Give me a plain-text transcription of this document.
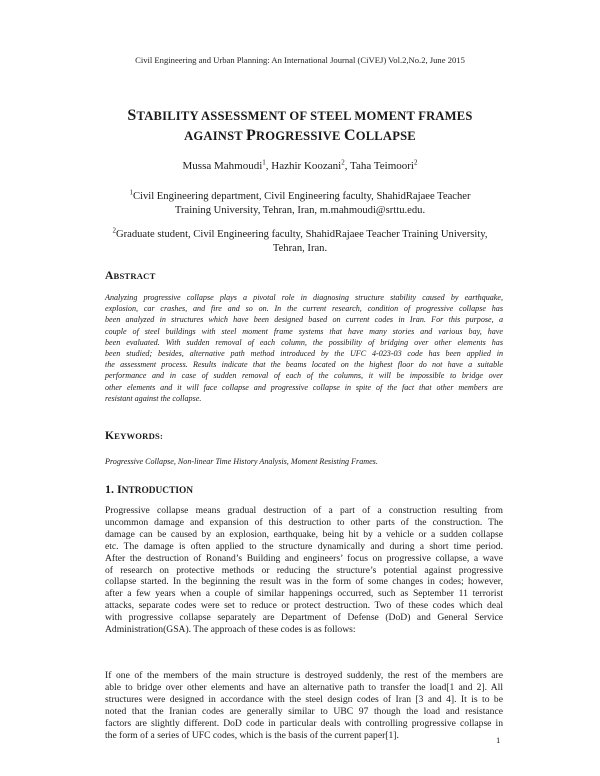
Civil Engineering and Urban Planning: An International Journal (CiVEJ) Vol.2,No.2, June 2015
STABILITY ASSESSMENT OF STEEL MOMENT FRAMES
AGAINST PROGRESSIVE COLLAPSE
Mussa Mahmoudi$^1$, Hazhir Koozani$^2$, Taha Teimoori$^2$
$^1$Civil Engineering department, Civil Engineering faculty, ShahidRajaee Teacher
Training University, Tehran, Iran, m.mahmoudi@srttu.edu.
$^2$Graduate student, Civil Engineering faculty, ShahidRajaee Teacher Training University,
Tehran, Iran.
ABSTRACT
Analyzing progressive collapse plays a pivotal role in diagnosing structure stability caused by earthquake,
explosion, car crashes, and fire and so on. In the current research, condition of progressive collapse has
been analyzed in structures which have been designed based on current codes in Iran. For this purpose, a
couple of steel buildings with steel moment frame systems that have many stories and various bay, have
been evaluated. With sudden removal of each column, the possibility of bridging over other elements has
been studied; besides, alternative path method introduced by the UFC 4-023-03 code has been applied in
the assessment process. Results indicate that the beams located on the highest floor do not have a suitable
performance and in case of sudden removal of each of the columns, it will be impossible to bridge over
other elements and it will face collapse and progressive collapse in spite of the fact that other members are
resistant against the collapse.
KEYWORDS:
Progressive Collapse, Non-linear Time History Analysis, Moment Resisting Frames.
1. INTRODUCTION
Progressive collapse means gradual destruction of a part of a construction resulting from
uncommon damage and expansion of this destruction to other parts of the construction. The
damage can be caused by an explosion, earthquake, being hit by a vehicle or a sudden collapse
etc. The damage is often applied to the structure dynamically and during a short time period.
After the destruction of Ronand’s Building and engineers’ focus on progressive collapse, a wave
of research on protective methods or reducing the structure’s potential against progressive
collapse started. In the beginning the result was in the form of some changes in codes; however,
after a few years when a couple of similar happenings occurred, such as September 11 terrorist
attacks, separate codes were set to reduce or protect destruction. Two of these codes which deal
with progressive collapse separately are Department of Defense (DoD) and General Service
Administration(GSA). The approach of these codes is as follows:
If one of the members of the main structure is destroyed suddenly, the rest of the members are
able to bridge over other elements and have an alternative path to transfer the load[1 and 2]. All
structures were designed in accordance with the steel design codes of Iran [3 and 4]. It is to be
noted that the Iranian codes are generally similar to UBC 97 though the load and resistance
factors are slightly different. DoD code in particular deals with controlling progressive collapse in
the form of a series of UFC codes, which is the basis of the current paper[1].	1
